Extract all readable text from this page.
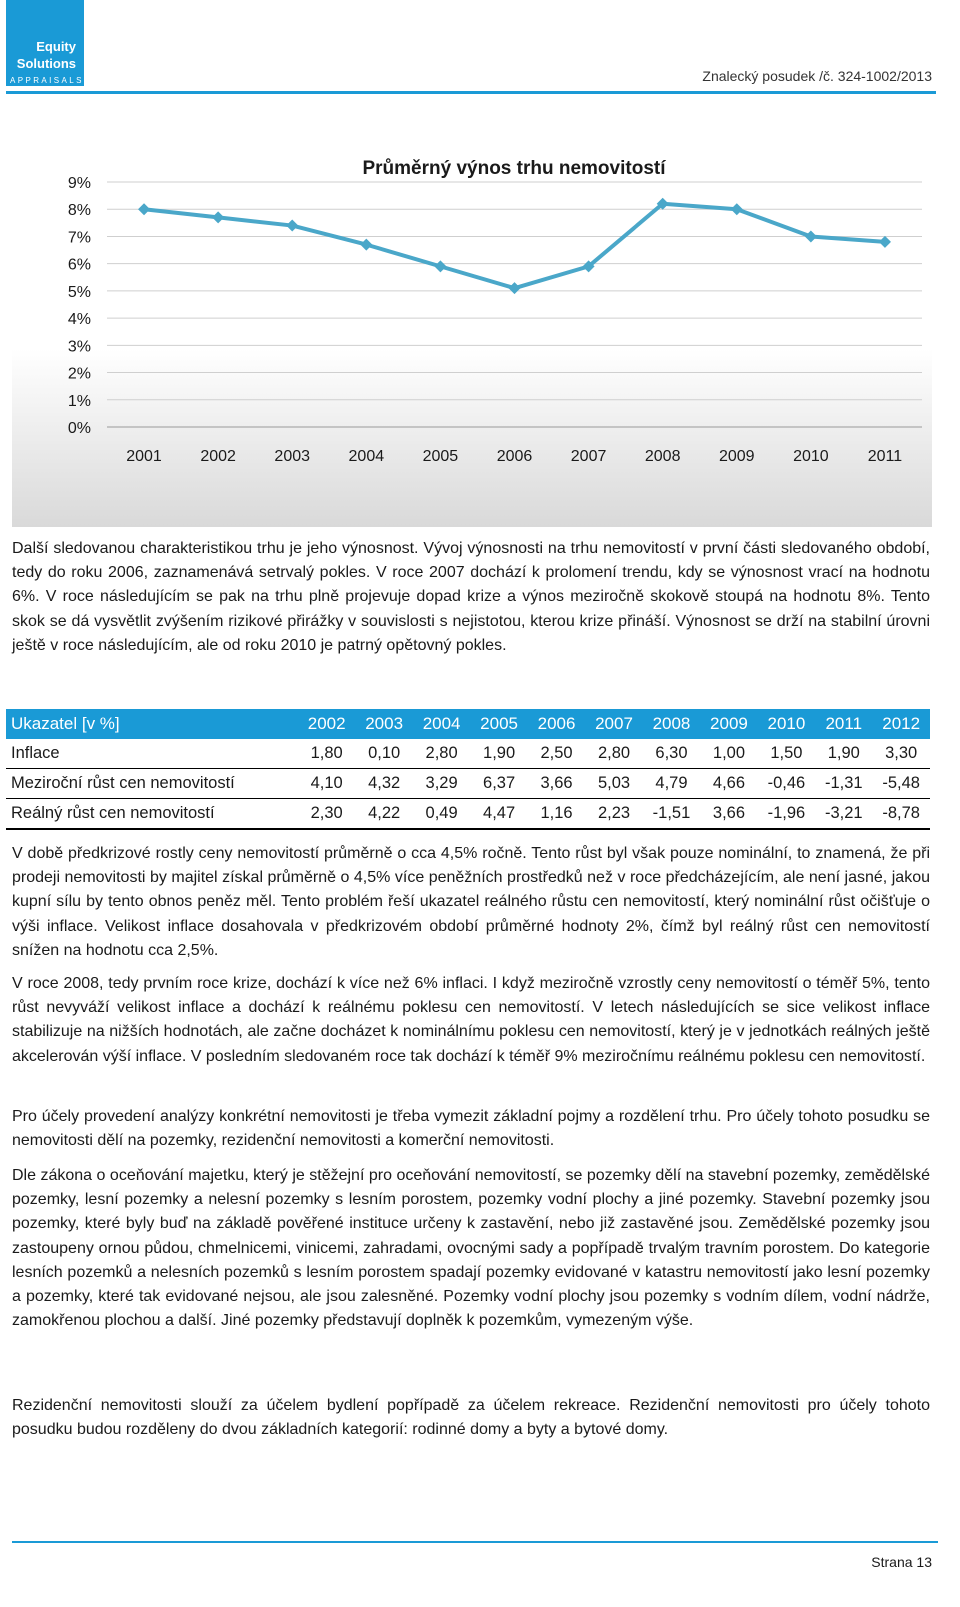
Equity
Solutions
APPRAISALS	Znalecký posudek /č. 324-1002/2013
Průměrný výnos trhu nemovitostí
0%
1%
2%
3%
4%
5%
6%
7%
8%
9%
2001 2002 2003 2004 2005 2006 2007 2008 2009 2010 2011

Další sledovanou charakteristikou trhu je jeho výnosnost. Vývoj výnosnosti na trhu nemovitostí v první části sledovaného období, tedy do roku 2006, zaznamenává setrvalý pokles. V roce 2007 dochází k prolomení trendu, kdy se výnosnost vrací na hodnotu 6%. V roce následujícím se pak na trhu plně projevuje dopad krize a výnos meziročně skokově stoupá na hodnotu 8%. Tento skok se dá vysvětlit zvýšením rizikové přirážky v souvislosti s nejistotou, kterou krize přináší. Výnosnost se drží na stabilní úrovni ještě v roce následujícím, ale od roku 2010 je patrný opětovný pokles.

Ukazatel [v %]	2002	2003	2004	2005	2006	2007	2008	2009	2010	2011	2012
Inflace	1,80	0,10	2,80	1,90	2,50	2,80	6,30	1,00	1,50	1,90	3,30
Meziroční růst cen nemovitostí	4,10	4,32	3,29	6,37	3,66	5,03	4,79	4,66	-0,46	-1,31	-5,48
Reálný růst cen nemovitostí	2,30	4,22	0,49	4,47	1,16	2,23	-1,51	3,66	-1,96	-3,21	-8,78

V době předkrizové rostly ceny nemovitostí průměrně o cca 4,5% ročně. Tento růst byl však pouze nominální, to znamená, že při prodeji nemovitosti by majitel získal průměrně o 4,5% více peněžních prostředků než v roce předcházejícím, ale není jasné, jakou kupní sílu by tento obnos peněz měl. Tento problém řeší ukazatel reálného růstu cen nemovitostí, který nominální růst očišťuje o výši inflace. Velikost inflace dosahovala v předkrizovém období průměrné hodnoty 2%, čímž byl reálný růst cen nemovitostí snížen na hodnotu cca 2,5%.

V roce 2008, tedy prvním roce krize, dochází k více než 6% inflaci. I když meziročně vzrostly ceny nemovitostí o téměř 5%, tento růst nevyváží velikost inflace a dochází k reálnému poklesu cen nemovitostí. V letech následujících se sice velikost inflace stabilizuje na nižších hodnotách, ale začne docházet k nominálnímu poklesu cen nemovitostí, který je v jednotkách reálných ještě akcelerován výší inflace. V posledním sledovaném roce tak dochází k téměř 9% meziročnímu reálnému poklesu cen nemovitostí.

Pro účely provedení analýzy konkrétní nemovitosti je třeba vymezit základní pojmy a rozdělení trhu. Pro účely tohoto posudku se nemovitosti dělí na pozemky, rezidenční nemovitosti a komerční nemovitosti.

Dle zákona o oceňování majetku, který je stěžejní pro oceňování nemovitostí, se pozemky dělí na stavební pozemky, zemědělské pozemky, lesní pozemky a nelesní pozemky s lesním porostem, pozemky vodní plochy a jiné pozemky. Stavební pozemky jsou pozemky, které byly buď na základě pověřené instituce určeny k zastavění, nebo již zastavěné jsou. Zemědělské pozemky jsou zastoupeny ornou půdou, chmelnicemi, vinicemi, zahradami, ovocnými sady a popřípadě trvalým travním porostem. Do kategorie lesních pozemků a nelesních pozemků s lesním porostem spadají pozemky evidované v katastru nemovitostí jako lesní pozemky a pozemky, které tak evidované nejsou, ale jsou zalesněné. Pozemky vodní plochy jsou pozemky s vodním dílem, vodní nádrže, zamokřenou plochou a další. Jiné pozemky představují doplněk k pozemkům, vymezeným výše.

Rezidenční nemovitosti slouží za účelem bydlení popřípadě za účelem rekreace. Rezidenční nemovitosti pro účely tohoto posudku budou rozděleny do dvou základních kategorií: rodinné domy a byty a bytové domy.

Strana 13
